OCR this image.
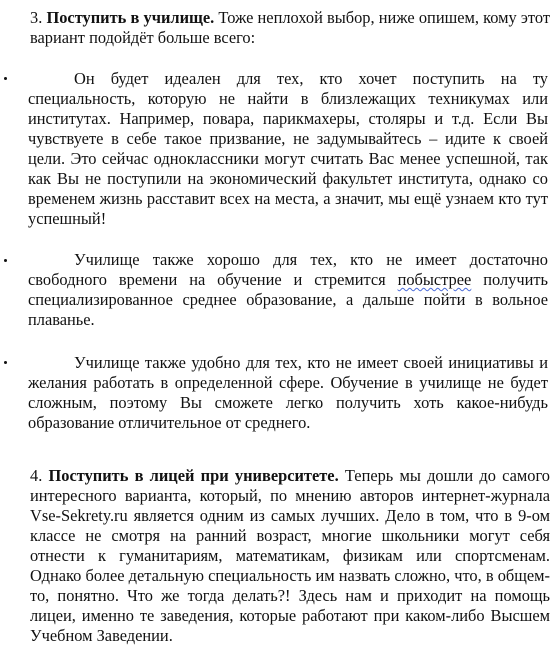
3. Поступить в училище. Тоже неплохой выбор, ниже опишем, кому этот вариант подойдёт больше всего:

Он будет идеален для тех, кто хочет поступить на ту специальность, которую не найти в близлежащих техникумах или институтах. Например, повара, парикмахеры, столяры и т.д. Если Вы чувствуете в себе такое призвание, не задумывайтесь – идите к своей цели. Это сейчас одноклассники могут считать Вас менее успешной, так как Вы не поступили на экономический факультет института, однако со временем жизнь расставит всех на места, а значит, мы ещё узнаем кто тут успешный!

Училище также хорошо для тех, кто не имеет достаточно свободного времени на обучение и стремится побыстрее получить специализированное среднее образование, а дальше пойти в вольное плаванье.

Училище также удобно для тех, кто не имеет своей инициативы и желания работать в определенной сфере. Обучение в училище не будет сложным, поэтому Вы сможете легко получить хоть какое-нибудь образование отличительное от среднего.

4. Поступить в лицей при университете. Теперь мы дошли до самого интересного варианта, который, по мнению авторов интернет-журнала Vse-Sekrety.ru является одним из самых лучших. Дело в том, что в 9-ом классе не смотря на ранний возраст, многие школьники могут себя отнести к гуманитариям, математикам, физикам или спортсменам. Однако более детальную специальность им назвать сложно, что, в общем-то, понятно. Что же тогда делать?! Здесь нам и приходит на помощь лицеи, именно те заведения, которые работают при каком-либо Высшем Учебном Заведении.
